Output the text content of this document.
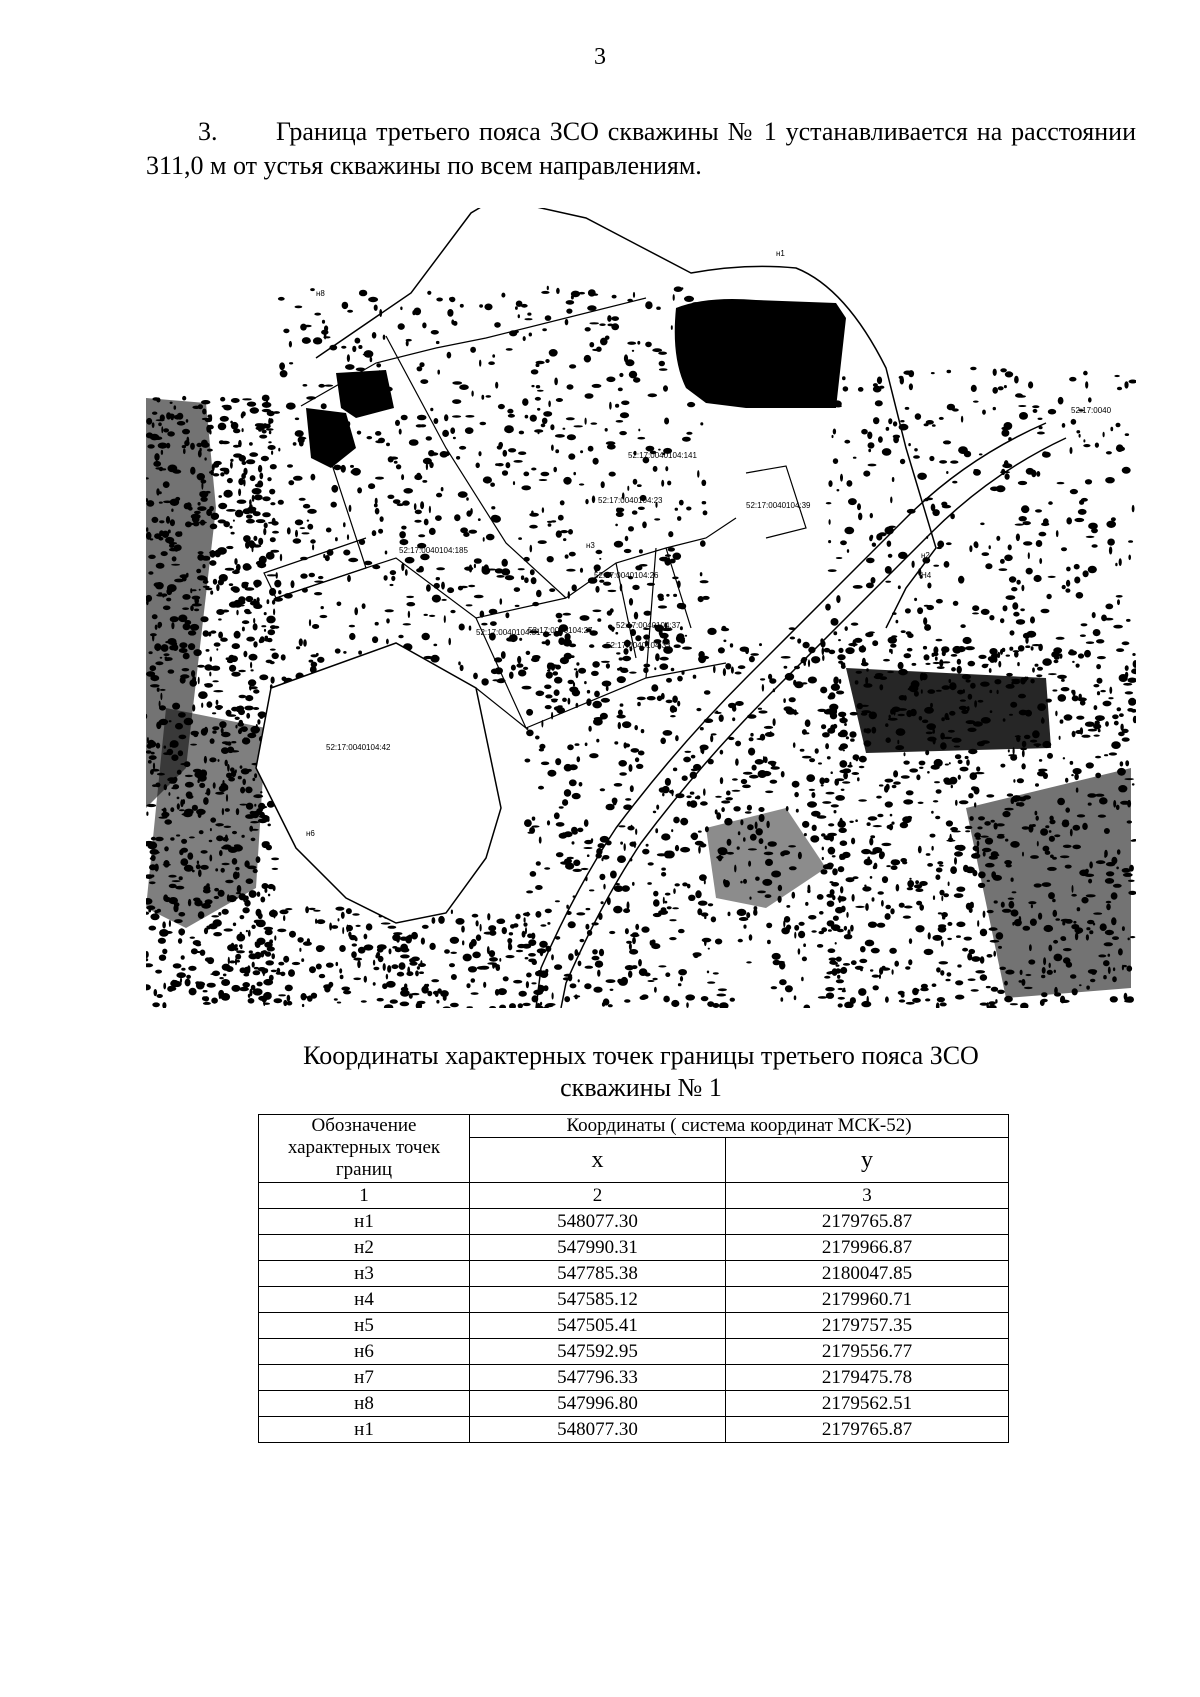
3
3. Граница третьего пояса ЗСО скважины № 1 устанавливается на расстоянии 311,0 м от устья скважины по всем направлениям.
52:17:0040104:141
52:17:0040104:23
52:17:0040104:185
52:17:0040104:42
52:17:0040104:27
52:17:0040104:26
52:17:0040104:51
52:17:0040104:37
52:17:0040104:33
52:17:0040104:39
52:17:0040
н8
н6
н1
н2
н3
Н4
Координаты характерных точек границы третьего пояса ЗСО
скважины № 1
Обозначение характерных точек границ	Координаты ( система координат МСК-52)	
	x	y
1	2	3
н1	548077.30	2179765.87
н2	547990.31	2179966.87
н3	547785.38	2180047.85
н4	547585.12	2179960.71
н5	547505.41	2179757.35
н6	547592.95	2179556.77
н7	547796.33	2179475.78
н8	547996.80	2179562.51
н1	548077.30	2179765.87
